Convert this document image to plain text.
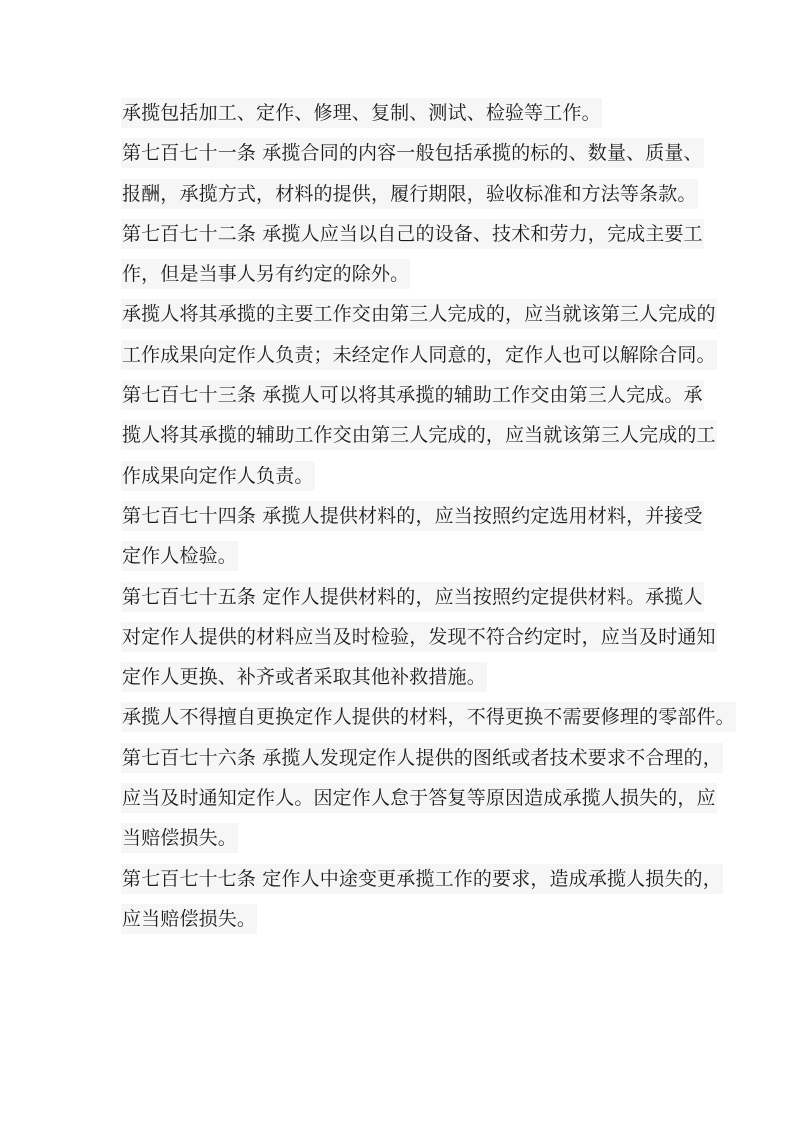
承揽包括加工、定作、修理、复制、测试、检验等工作。
第七百七十一条 承揽合同的内容一般包括承揽的标的、数量、质量、
报酬，承揽方式，材料的提供，履行期限，验收标准和方法等条款。
第七百七十二条 承揽人应当以自己的设备、技术和劳力，完成主要工
作，但是当事人另有约定的除外。
承揽人将其承揽的主要工作交由第三人完成的，应当就该第三人完成的
工作成果向定作人负责；未经定作人同意的，定作人也可以解除合同。
第七百七十三条 承揽人可以将其承揽的辅助工作交由第三人完成。承
揽人将其承揽的辅助工作交由第三人完成的，应当就该第三人完成的工
作成果向定作人负责。
第七百七十四条 承揽人提供材料的，应当按照约定选用材料，并接受
定作人检验。
第七百七十五条 定作人提供材料的，应当按照约定提供材料。承揽人
对定作人提供的材料应当及时检验，发现不符合约定时，应当及时通知
定作人更换、补齐或者采取其他补救措施。
承揽人不得擅自更换定作人提供的材料，不得更换不需要修理的零部件。
第七百七十六条 承揽人发现定作人提供的图纸或者技术要求不合理的，
应当及时通知定作人。因定作人怠于答复等原因造成承揽人损失的，应
当赔偿损失。
第七百七十七条 定作人中途变更承揽工作的要求，造成承揽人损失的，
应当赔偿损失。
